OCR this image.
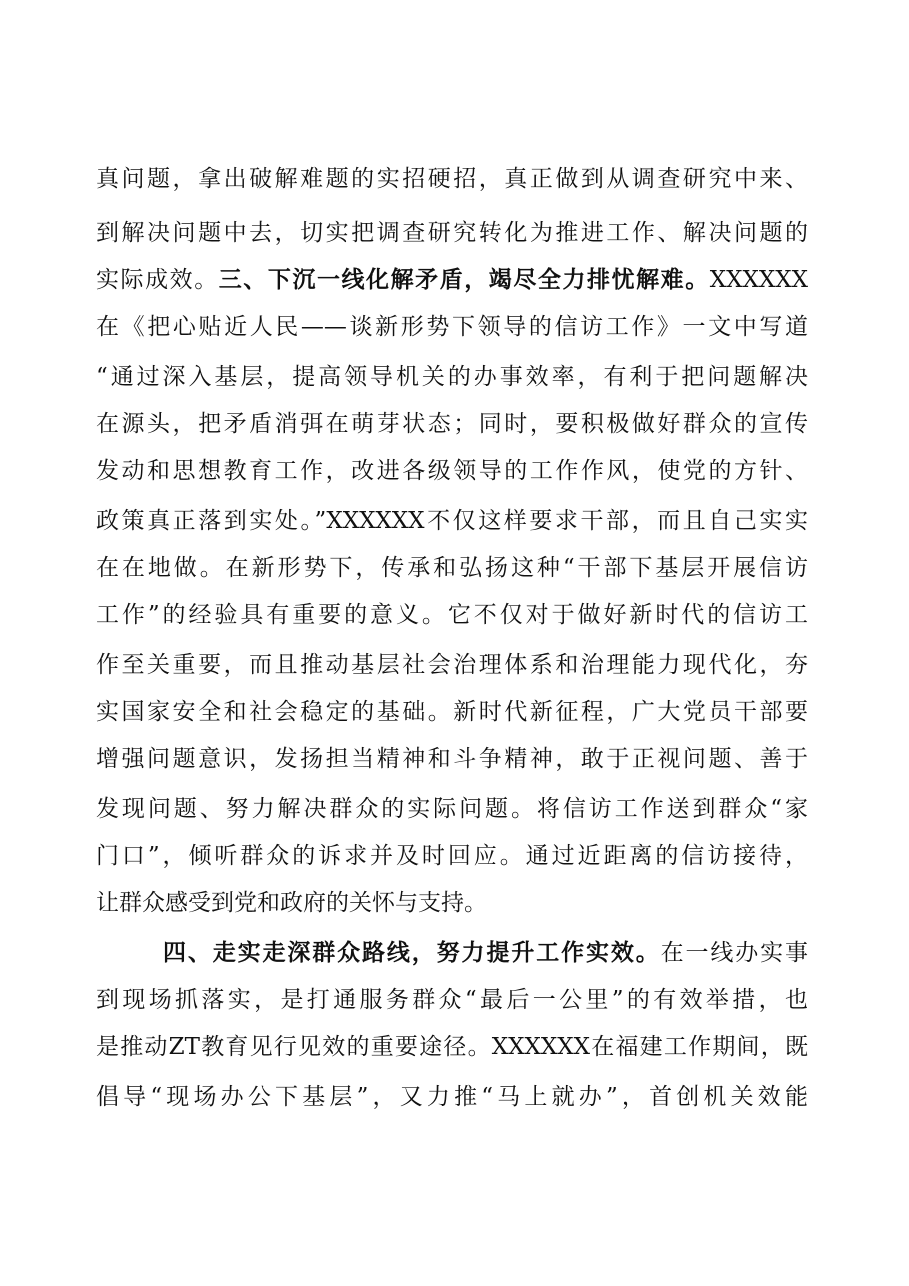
真问题，拿出破解难题的实招硬招，真正做到从调查研究中来、
到解决问题中去，切实把调查研究转化为推进工作、解决问题的
实际成效。三、下沉一线化解矛盾，竭尽全力排忧解难。XXXXXX
在《把心贴近人民——谈新形势下领导的信访工作》一文中写道
“通过深入基层，提高领导机关的办事效率，有利于把问题解决
在源头，把矛盾消弭在萌芽状态；同时，要积极做好群众的宣传
发动和思想教育工作，改进各级领导的工作作风，使党的方针、
政策真正落到实处。”XXXXXX不仅这样要求干部，而且自己实实
在在地做。在新形势下，传承和弘扬这种“干部下基层开展信访
工作”的经验具有重要的意义。它不仅对于做好新时代的信访工
作至关重要，而且推动基层社会治理体系和治理能力现代化，夯
实国家安全和社会稳定的基础。新时代新征程，广大党员干部要
增强问题意识，发扬担当精神和斗争精神，敢于正视问题、善于
发现问题、努力解决群众的实际问题。将信访工作送到群众“家
门口”，倾听群众的诉求并及时回应。通过近距离的信访接待，
让群众感受到党和政府的关怀与支持。
四、走实走深群众路线，努力提升工作实效。在一线办实事
到现场抓落实，是打通服务群众“最后一公里”的有效举措，也
是推动ZT教育见行见效的重要途径。XXXXXX在福建工作期间，既
倡导“现场办公下基层”，又力推“马上就办”，首创机关效能
